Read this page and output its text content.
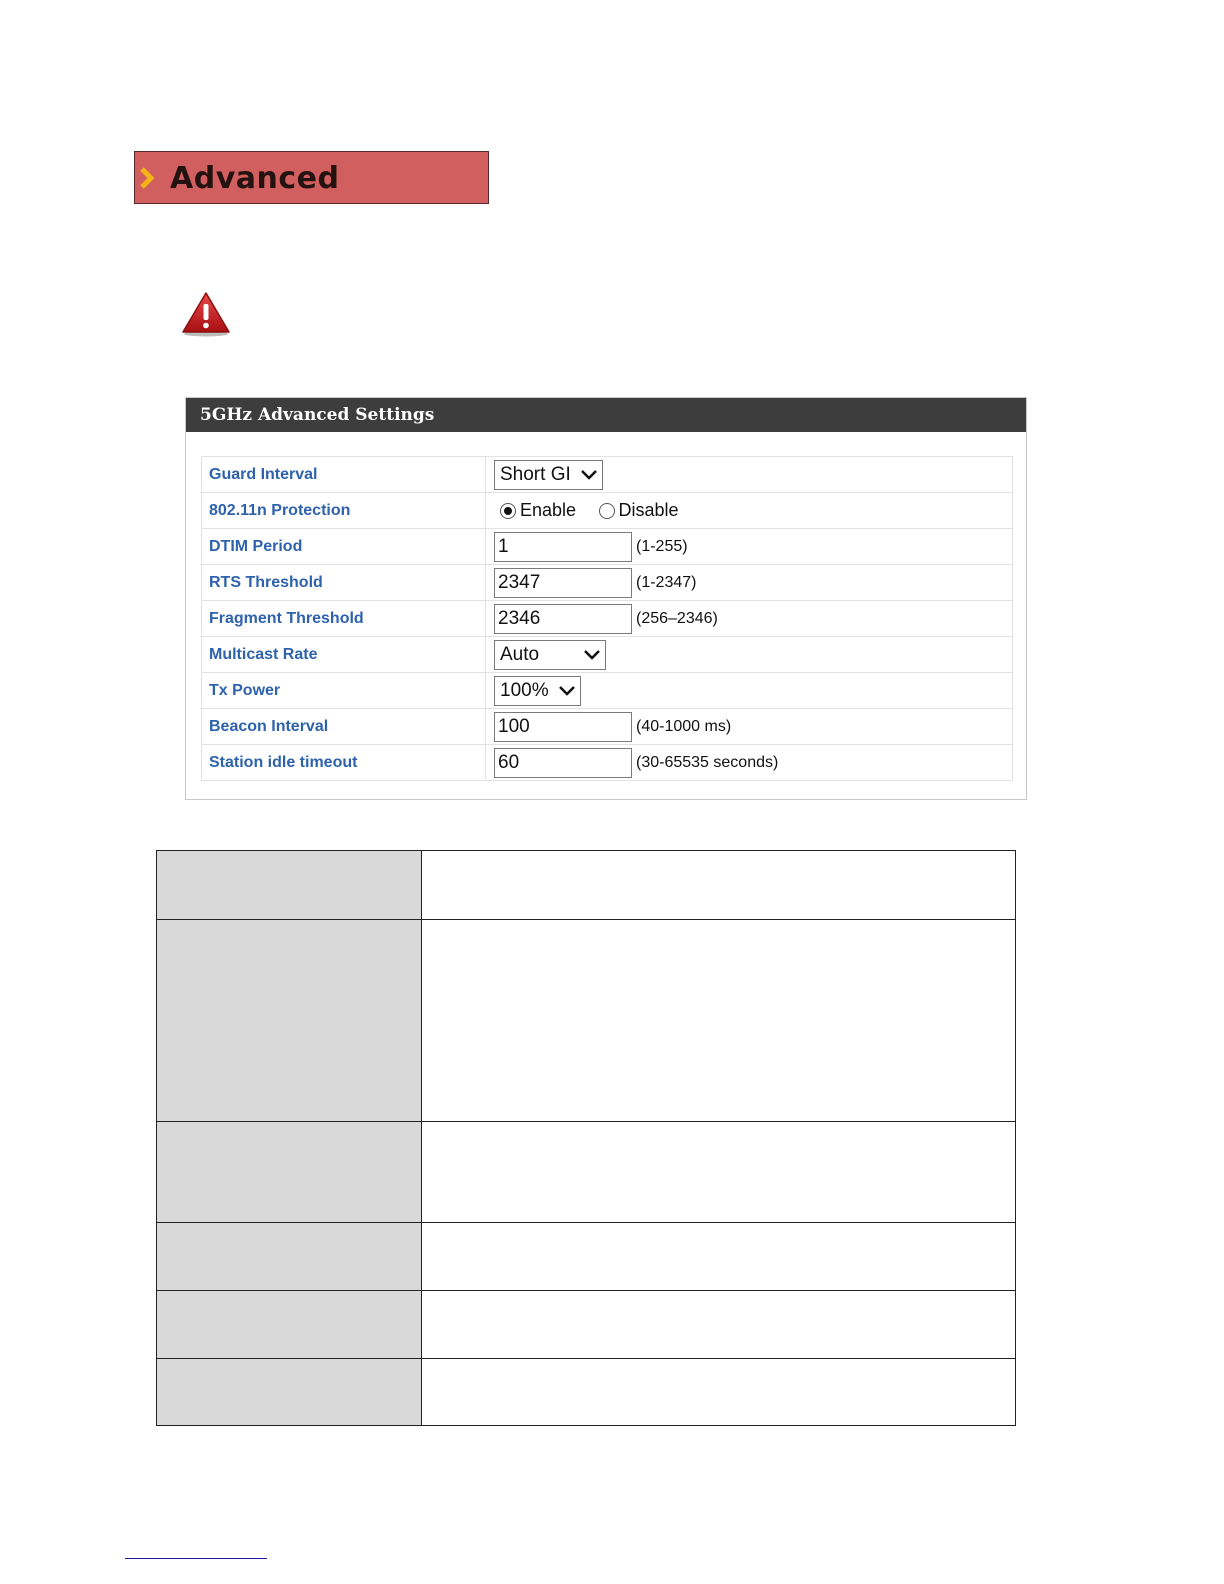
Advanced
5GHz Advanced Settings
Guard Interval	Short GI

802.11n Protection	Enable Disable
DTIM Period	1 (1-255)
RTS Threshold	2347 (1-2347)
Fragment Threshold	2346 (256–2346)
Multicast Rate	Auto

Tx Power	100%

Beacon Interval	100 (40-1000 ms)
Station idle timeout	60 (30-65535 seconds)
